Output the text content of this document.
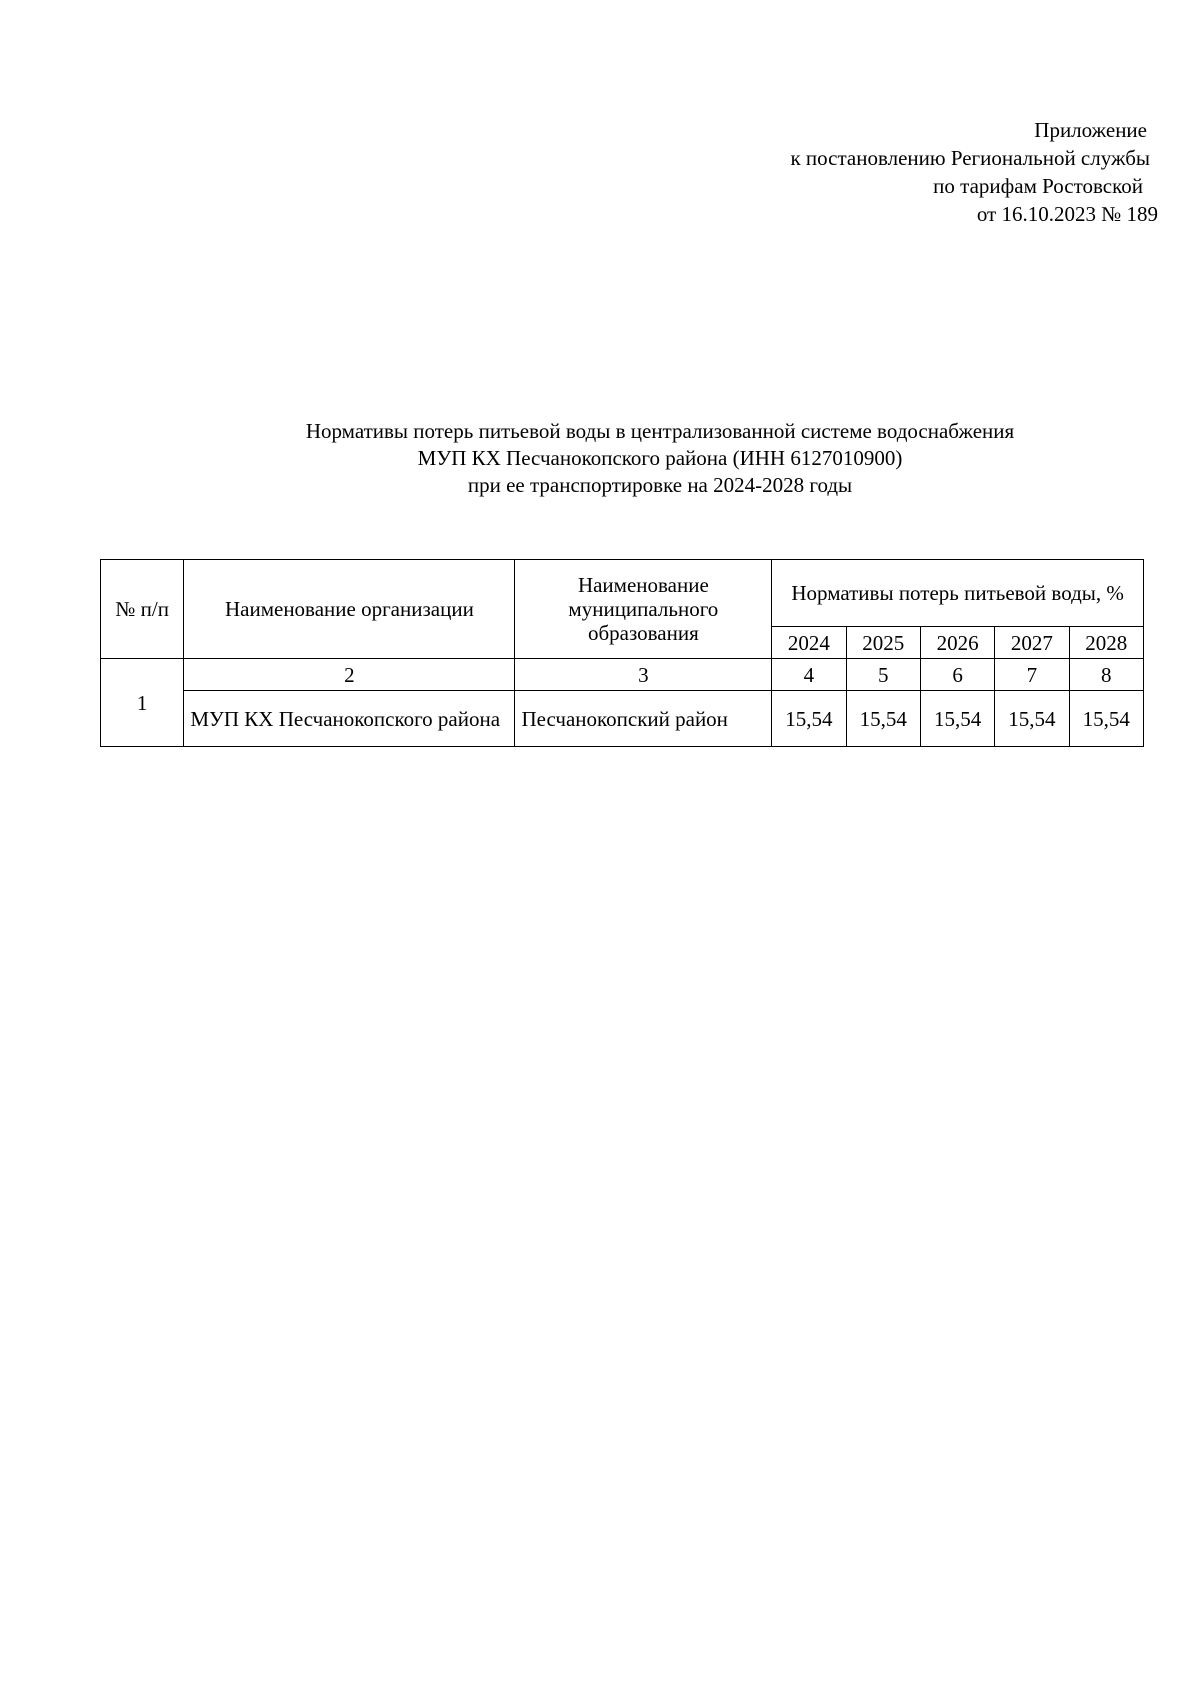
Приложение
к постановлению Региональной службы
по тарифам Ростовской
от 16.10.2023 № 189
Нормативы потерь питьевой воды в централизованной системе водоснабжения
МУП КХ Песчанокопского района (ИНН 6127010900)
при ее транспортировке на 2024-2028 годы
№ п/п	Наименование организации	Наименование муниципального образования	Нормативы потерь питьевой воды, %				
			2024	2025	2026	2027	2028
1	2	3	4	5	6	7	8
	МУП КХ Песчанокопского района	Песчанокопский район	15,54	15,54	15,54	15,54	15,54
